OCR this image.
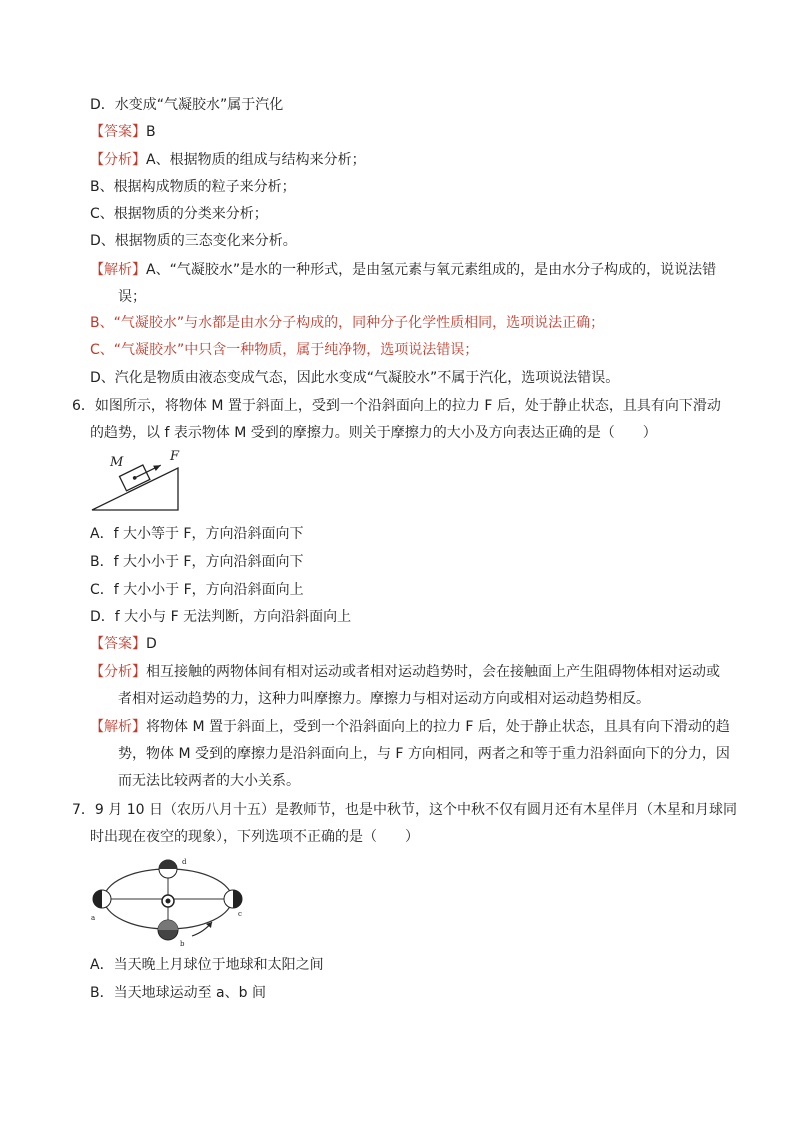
D．水变成“气凝胶水”属于汽化
【答案】B
【分析】A、根据物质的组成与结构来分析；
B、根据构成物质的粒子来分析；
C、根据物质的分类来分析；
D、根据物质的三态变化来分析。
【解析】A、“气凝胶水”是水的一种形式，是由氢元素与氧元素组成的，是由水分子构成的，说说法错
误；
B、“气凝胶水”与水都是由水分子构成的，同种分子化学性质相同，选项说法正确；
C、“气凝胶水”中只含一种物质，属于纯净物，选项说法错误；
D、汽化是物质由液态变成气态，因此水变成“气凝胶水”不属于汽化，选项说法错误。
6．如图所示，将物体 M 置于斜面上，受到一个沿斜面向上的拉力 F 后，处于静止状态，且具有向下滑动
的趋势，以 f 表示物体 M 受到的摩擦力。则关于摩擦力的大小及方向表达正确的是（　　）
M	F
A．f 大小等于 F，方向沿斜面向下
B．f 大小小于 F，方向沿斜面向下
C．f 大小小于 F，方向沿斜面向上
D．f 大小与 F 无法判断，方向沿斜面向上
【答案】D
【分析】相互接触的两物体间有相对运动或者相对运动趋势时，会在接触面上产生阻碍物体相对运动或
者相对运动趋势的力，这种力叫摩擦力。摩擦力与相对运动方向或相对运动趋势相反。
【解析】将物体 M 置于斜面上，受到一个沿斜面向上的拉力 F 后，处于静止状态，且具有向下滑动的趋
势，物体 M 受到的摩擦力是沿斜面向上，与 F 方向相同，两者之和等于重力沿斜面向下的分力，因
而无法比较两者的大小关系。
7．9 月 10 日（农历八月十五）是教师节，也是中秋节，这个中秋不仅有圆月还有木星伴月（木星和月球同
时出现在夜空的现象），下列选项不正确的是（　　）
a
b
c
d
A．当天晚上月球位于地球和太阳之间
B．当天地球运动至 a、b 间
